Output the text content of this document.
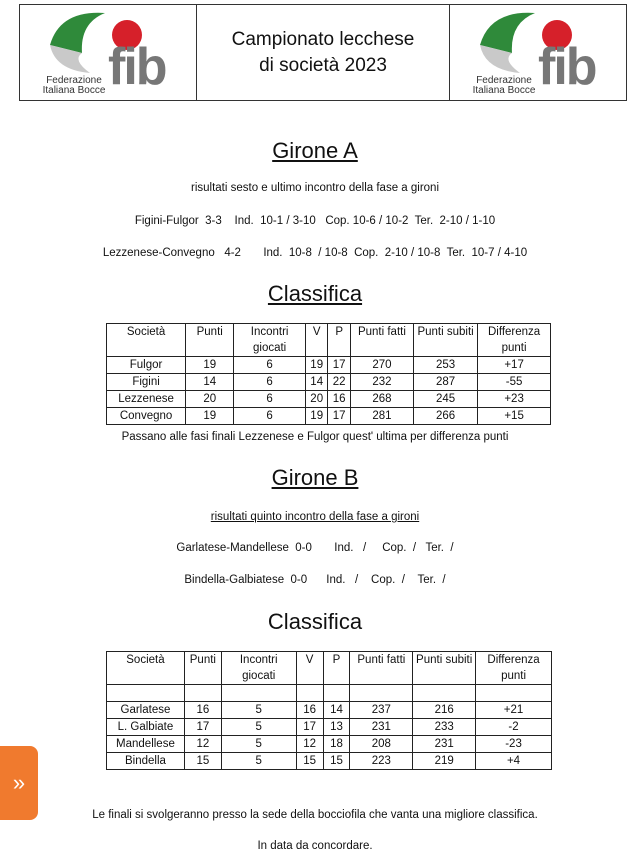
Federazione
Italiana Bocce fib	Campionato lecchese
di società 2023
Federazione
Italiana Bocce fib
Girone A
risultati sesto e ultimo incontro della fase a gironi
Figini-Fulgor  3-3    Ind.  10-1 / 3-10   Cop. 10-6 / 10-2  Ter.  2-10 / 1-10
Lezzenese-Convegno   4-2       Ind.  10-8  / 10-8  Cop.  2-10 / 10-8  Ter.  10-7 / 4-10
Classifica
Società	Punti	Incontri giocati	V	P	Punti fatti	Punti subiti	Differenza punti
Fulgor	19	6	19	17	270	253	+17
Figini	14	6	14	22	232	287	-55
Lezzenese	20	6	20	16	268	245	+23
Convegno	19	6	19	17	281	266	+15
Passano alle fasi finali Lezzenese e Fulgor quest' ultima per differenza punti
Girone B
risultati quinto incontro della fase a gironi
Garlatese-Mandellese  0-0       Ind.   /     Cop.  /   Ter.  /
Bindella-Galbiatese  0-0      Ind.   /    Cop.  /    Ter.  /
Classifica
Società	Punti	Incontri giocati	V	P	Punti fatti	Punti subiti	Differenza punti

Garlatese	16	5	16	14	237	216	+21
L. Galbiate	17	5	17	13	231	233	-2
Mandellese	12	5	12	18	208	231	-23
Bindella	15	5	15	15	223	219	+4
Le finali si svolgeranno presso la sede della bocciofila che vanta una migliore classifica.
In data da concordare.
»
